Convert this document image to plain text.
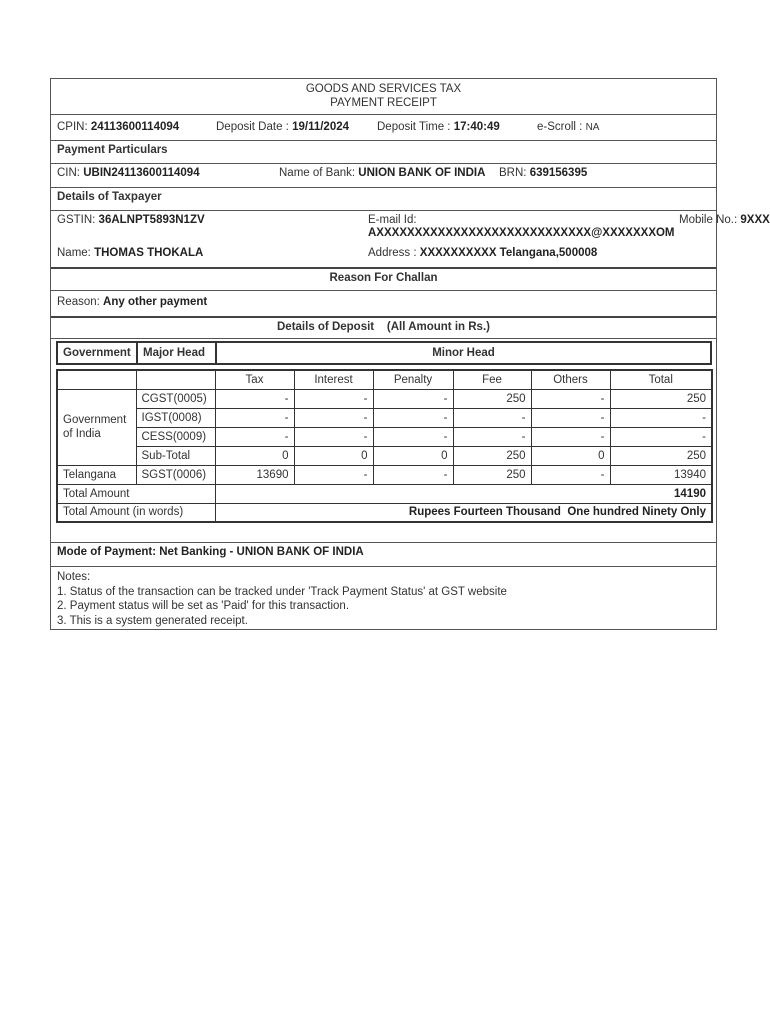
GOODS AND SERVICES TAX
PAYMENT RECEIPT
CPIN: 24113600114094	Deposit Date : 19/11/2024 Deposit Time : 17:40:49	e-Scroll : NA
Payment Particulars
CIN: UBIN24113600114094	Name of Bank: UNION BANK OF INDIA BRN: 639156395
Details of Taxpayer
GSTIN: 36ALNPT5893N1ZV	E-mail Id:
AXXXXXXXXXXXXXXXXXXXXXXXXXXXX@XXXXXXXOM
Mobile No.: 9XXX
Name: THOMAS THOKALA	Address : XXXXXXXXXX Telangana,500008
Reason For Challan
Reason: Any other payment
Details of Deposit    (All Amount in Rs.)
Government	Major Head	Minor Head
		Tax	Interest	Penalty	Fee	Others	Total
Government of India	CGST(0005)	-	-	-	250	-	250
	IGST(0008)	-	-	-	-	-	-
	CESS(0009)	-	-	-	-	-	-
	Sub-Total	0	0	0	250	0	250
Telangana	SGST(0006)	13690	-	-	250	-	13940
Total Amount		14190					
Total Amount (in words)		Rupees Fourteen Thousand  One hundred Ninety Only					
Mode of Payment: Net Banking - UNION BANK OF INDIA
Notes:
1. Status of the transaction can be tracked under 'Track Payment Status' at GST website
2. Payment status will be set as 'Paid' for this transaction.
3. This is a system generated receipt.
